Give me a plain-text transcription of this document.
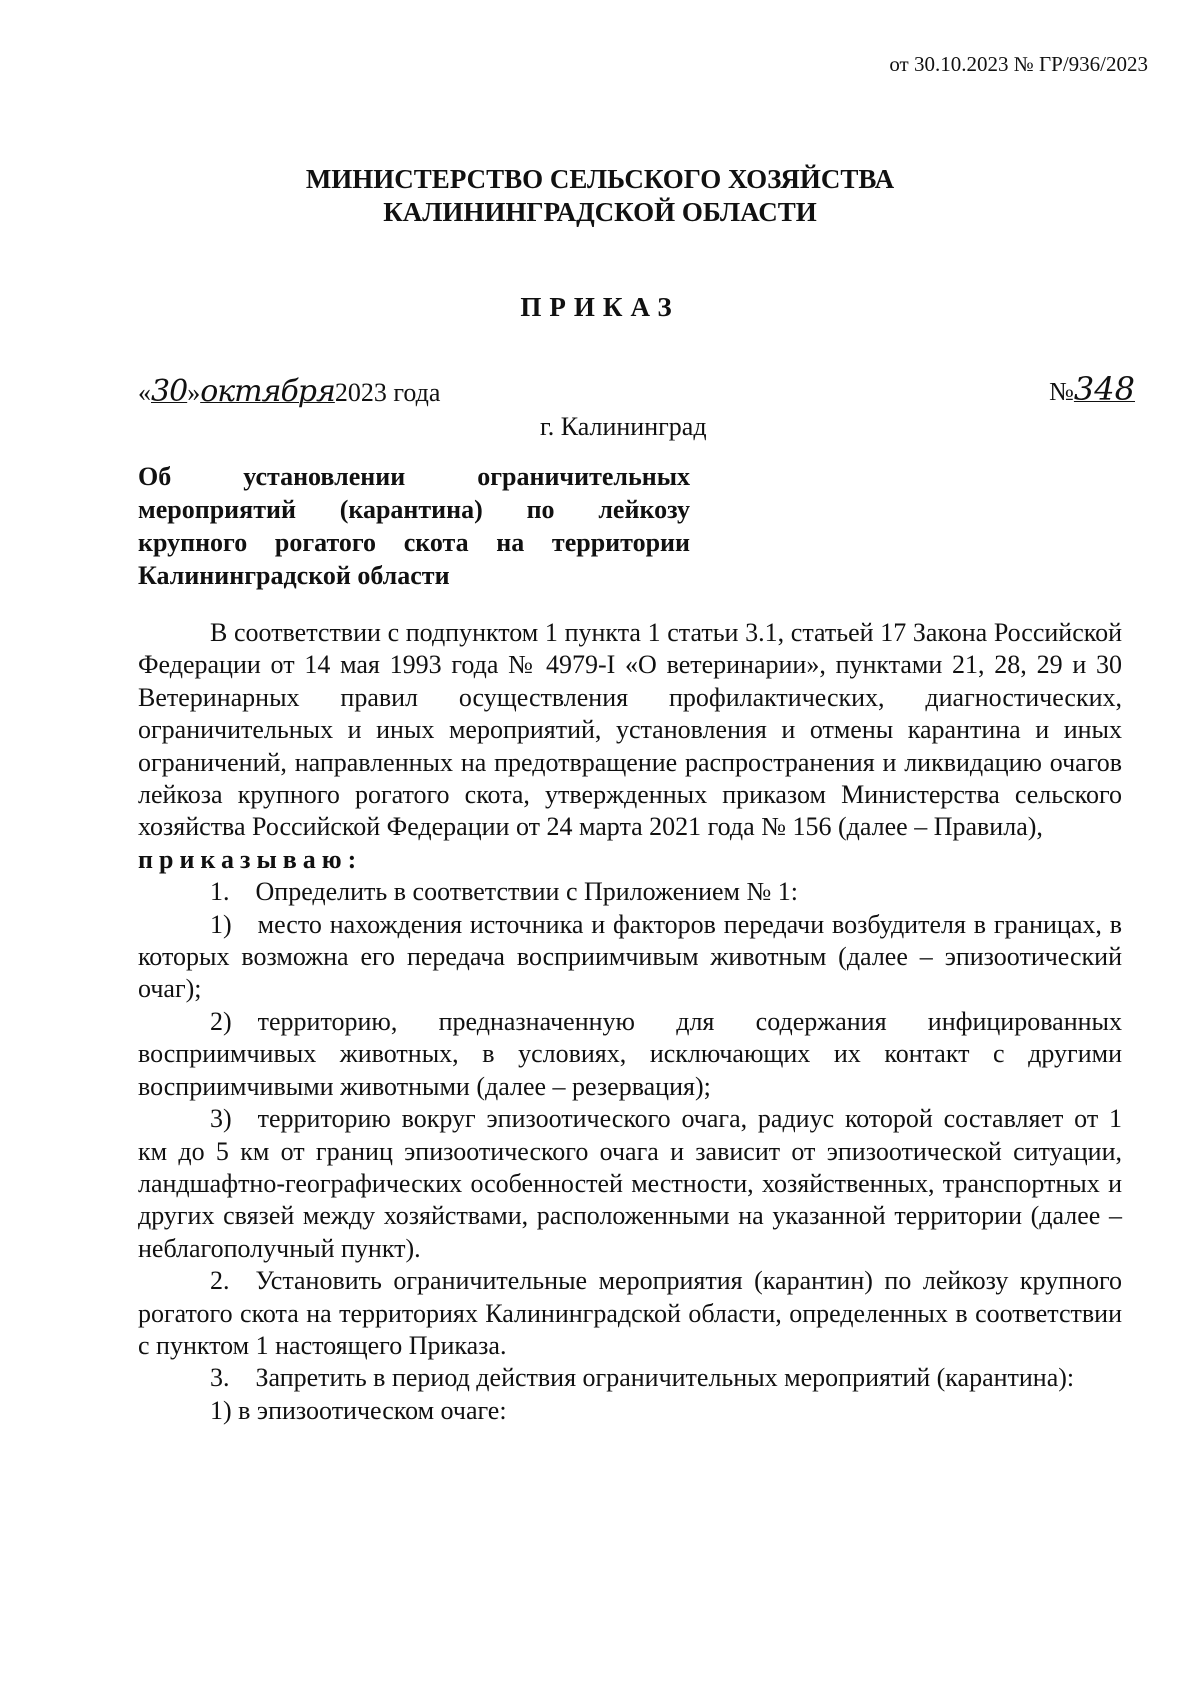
от 30.10.2023 № ГР/936/2023
МИНИСТЕРСТВО СЕЛЬСКОГО ХОЗЯЙСТВА
КАЛИНИНГРАДСКОЙ ОБЛАСТИ
ПРИКАЗ
«30»октября2023 года	№348
г. Калининград
Об установлении ограничительных мероприятий (карантина) по лейкозу крупного рогатого скота на территории Калининградской области

В соответствии с подпунктом 1 пункта 1 статьи 3.1, статьей 17 Закона Российской Федерации от 14 мая 1993 года № 4979-I «О ветеринарии», пунктами 21, 28, 29 и 30 Ветеринарных правил осуществления профилактических, диагностических, ограничительных и иных мероприятий, установления и отмены карантина и иных ограничений, направленных на предотвращение распространения и ликвидацию очагов лейкоза крупного рогатого скота, утвержденных приказом Министерства сельского хозяйства Российской Федерации от 24 марта 2021 года № 156 (далее – Правила),
приказываю:

1. Определить в соответствии с Приложением № 1:

1) место нахождения источника и факторов передачи возбудителя в границах, в которых возможна его передача восприимчивым животным (далее – эпизоотический очаг);

2) территорию, предназначенную для содержания инфицированных восприимчивых животных, в условиях, исключающих их контакт с другими восприимчивыми животными (далее – резервация);

3) территорию вокруг эпизоотического очага, радиус которой составляет от 1 км до 5 км от границ эпизоотического очага и зависит от эпизоотической ситуации, ландшафтно-географических особенностей местности, хозяйственных, транспортных и других связей между хозяйствами, расположенными на указанной территории (далее – неблагополучный пункт).

2. Установить ограничительные мероприятия (карантин) по лейкозу крупного рогатого скота на территориях Калининградской области, определенных в соответствии с пунктом 1 настоящего Приказа.

3. Запретить в период действия ограничительных мероприятий (карантина):

1) в эпизоотическом очаге:
